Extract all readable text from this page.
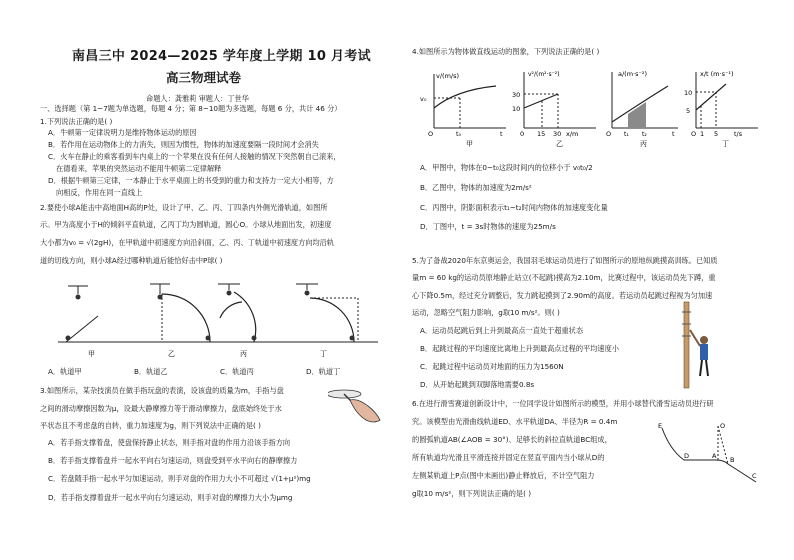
南昌三中 2024—2025 学年度上学期 10 月考试
高三物理试卷
命题人：龚雅莉 审题人：丁世华
一、选择题（第 1~7题为单选题，每题 4 分；第 8~10题为多选题，每题 6 分，共计 46 分）
1.下列说法正确的是( )
A．牛顿第一定律说明力是维持物体运动的原因
B．若作用在运动物体上的力消失，则因为惯性，物体的加速度要隔一段时间才会消失
C．火车在静止的乘客看到车内桌上的一个苹果在没有任何人接触的情况下突然朝自己滚来，
在德看来，苹果的突然运动不能用牛顿第二定律解释
D．根据牛顿第三定律，一本静止于水平桌面上的书受到的重力和支持力一定大小相等，方
向相反，作用在同一直线上
2.要使小球A能击中高地面H高的P处，设计了甲、乙、丙、丁四条内外侧光滑轨道，如图所
示。甲为高度小于H的倾斜平直轨道，乙丙丁均为圆轨道，圆心O。小球从地面出发，初速度
大小都为v₀ = √(2gH)，在甲轨道中初速度方向沿斜面，乙、丙、丁轨道中初速度方向均沿轨
道的切线方向，则小球A经过哪种轨道后能恰好击中P球( )
甲	乙	丙	丁
A．轨道甲	B．轨道乙	C．轨道丙	D．轨道丁
3.如图所示，某杂技演员在做手指玩盘的表演，设该盘的质量为m，手指与盘
之间的滑动摩擦因数为μ，设最大静摩擦力等于滑动摩擦力，盘底始终处于水
平状态且不考虑盘的自转，重力加速度为g，则下列说法中正确的是( )
A．若手指支撑着盘，使盘保持静止状态，则手指对盘的作用力沿该手指方向
B．若手指支撑着盘并一起水平向右匀速运动，则盘受到平水平向右的静摩擦力
C．若盘随手指一起水平匀加速运动，则手对盘的作用力大小不可超过 √(1+μ²)mg
D．若手指支撑着盘并一起水平向右匀速运动，则手对盘的摩擦力大小为μmg
4.如图所示为物体做直线运动的图象，下列说法正确的是( )
v/(m/s)
v₀
t₀
O	t
甲
v²/(m²·s⁻²)
30
10
0 15 30 x/m
乙
a/(m·s⁻²)
O t₁ t₂	t
丙
x/t (m·s⁻¹)
10
5
O 1 5 t/s
丁
A．甲图中，物体在0~t₀这段时间内的位移小于 v₀t₀/2
B．乙图中，物体的加速度为2m/s²
C．丙图中，阴影面积表示t₁~t₂时间内物体的加速度变化量
D．丁图中，t = 3s时物体的速度为25m/s
5.为了备战2020年东京奥运会，我国羽毛球运动员进行了如图所示的原地纵跳摸高训练。已知质
量m = 60 kg的运动员原地静止站立(不起跳)摸高为2.10m，比赛过程中，该运动员先下蹲，重
心下降0.5m，经过充分调整后，发力跳起摸到了2.90m的高度。若运动员起跳过程视为匀加速
运动，忽略空气阻力影响，g取10 m/s²。则( )
A．运动员起跳后到上升到最高点一直处于超重状态
B．起跳过程的平均速度比离地上升到最高点过程的平均速度小
C．起跳过程中运动员对地面的压力为1560N
D．从开始起跳到双脚落地需要0.8s
6.在进行滑雪赛道创新设计中，一位同学设计如图所示的模型，并用小球替代滑雪运动员进行研
究。该模型由光滑曲线轨道ED、水平轨道DA、半径为R = 0.4m
的圆弧轨道AB(∠AOB = 30°)、足够长的斜拉直轨道BC组成，
所有轨道均光滑且平滑连接并固定在竖直平面内当小球从D的
左侧某轨道上P点(图中未画出)静止释放后，不计空气阻力
g取10 m/s²，则下列说法正确的是( )
E
D	A
O
B
C
